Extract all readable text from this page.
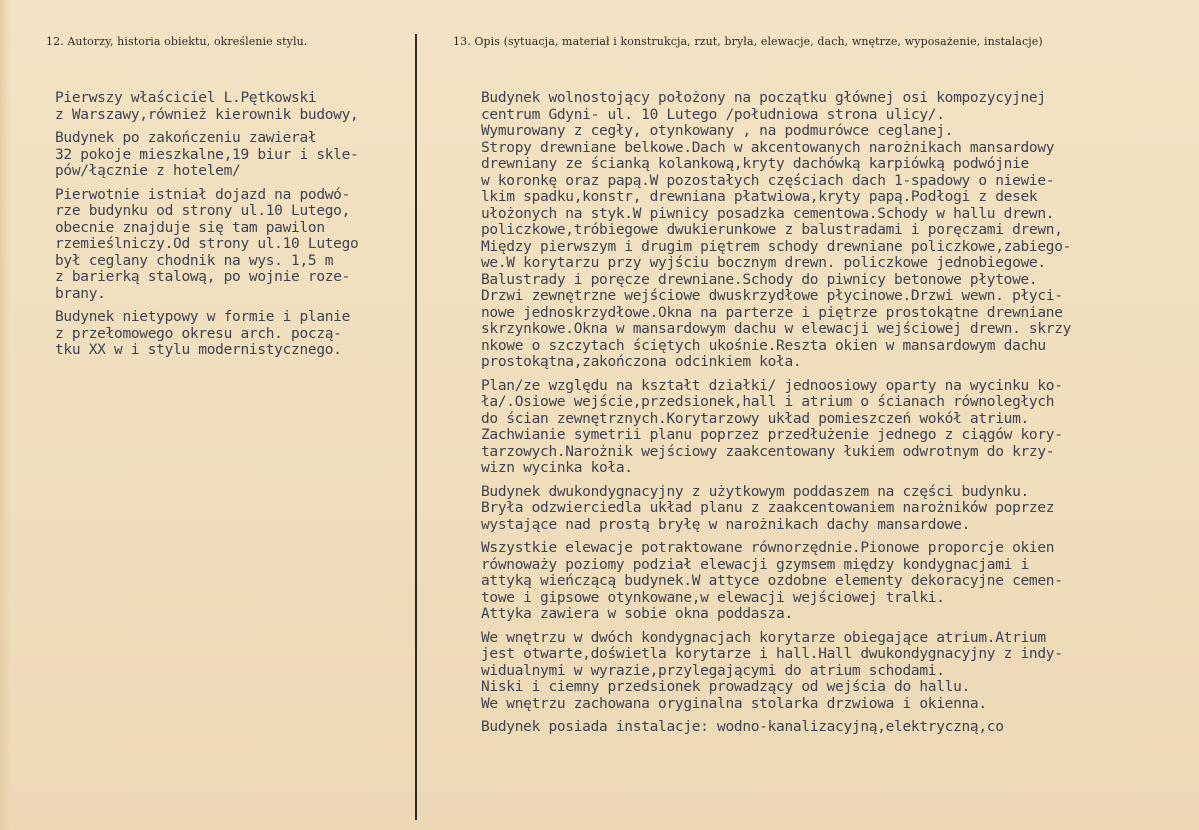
12. Autorzy, historia obiektu, określenie stylu.	13. Opis (sytuacja, materiał i konstrukcja, rzut, bryła, elewacje, dach, wnętrze, wyposażenie, instalacje)
Pierwszy właściciel L.Pętkowski
z Warszawy,również kierownik budowy,
Budynek po zakończeniu zawierał
32 pokoje mieszkalne,19 biur i skle-
pów/łącznie z hotelem/
Pierwotnie istniał dojazd na podwó-
rze budynku od strony ul.10 Lutego,
obecnie znajduje się tam pawilon
rzemieślniczy.Od strony ul.10 Lutego
był ceglany chodnik na wys. 1,5 m
z barierką stalową, po wojnie roze-
brany.
Budynek nietypowy w formie i planie
z przełomowego okresu arch. począ-
tku XX w i stylu modernistycznego.
Budynek wolnostojący położony na początku głównej osi kompozycyjnej
centrum Gdyni- ul. 10 Lutego /południowa strona ulicy/.
Wymurowany z cegły, otynkowany , na podmurówce ceglanej.
Stropy drewniane belkowe.Dach w akcentowanych narożnikach mansardowy
drewniany ze ścianką kolankową,kryty dachówką karpiówką podwójnie
w koronkę oraz papą.W pozostałych częściach dach 1-spadowy o niewie-
lkim spadku,konstr, drewniana płatwiowa,kryty papą.Podłogi z desek
ułożonych na styk.W piwnicy posadzka cementowa.Schody w hallu drewn.
policzkowe,tróbiegowe dwukierunkowe z balustradami i poręczami drewn,
Między pierwszym i drugim piętrem schody drewniane policzkowe,zabiego-
we.W korytarzu przy wyjściu bocznym drewn. policzkowe jednobiegowe.
Balustrady i poręcze drewniane.Schody do piwnicy betonowe płytowe.
Drzwi zewnętrzne wejściowe dwuskrzydłowe płycinowe.Drzwi wewn. płyci-
nowe jednoskrzydłowe.Okna na parterze i piętrze prostokątne drewniane
skrzynkowe.Okna w mansardowym dachu w elewacji wejściowej drewn. skrzy
nkowe o szczytach ściętych ukośnie.Reszta okien w mansardowym dachu
prostokątna,zakończona odcinkiem koła.
Plan/ze względu na kształt działki/ jednoosiowy oparty na wycinku ko-
ła/.Osiowe wejście,przedsionek,hall i atrium o ścianach równoległych
do ścian zewnętrznych.Korytarzowy układ pomieszczeń wokół atrium.
Zachwianie symetrii planu poprzez przedłużenie jednego z ciągów kory-
tarzowych.Narożnik wejściowy zaakcentowany łukiem odwrotnym do krzy-
wizn wycinka koła.
Budynek dwukondygnacyjny z użytkowym poddaszem na części budynku.
Bryła odzwierciedla układ planu z zaakcentowaniem narożników poprzez
wystające nad prostą bryłę w narożnikach dachy mansardowe.
Wszystkie elewacje potraktowane równorzędnie.Pionowe proporcje okien
równoważy poziomy podział elewacji gzymsem między kondygnacjami i
attyką wieńczącą budynek.W attyce ozdobne elementy dekoracyjne cemen-
towe i gipsowe otynkowane,w elewacji wejściowej tralki.
Attyka zawiera w sobie okna poddasza.
We wnętrzu w dwóch kondygnacjach korytarze obiegające atrium.Atrium
jest otwarte,doświetla korytarze i hall.Hall dwukondygnacyjny z indy-
widualnymi w wyrazie,przylegającymi do atrium schodami.
Niski i ciemny przedsionek prowadzący od wejścia do hallu.
We wnętrzu zachowana oryginalna stolarka drzwiowa i okienna.
Budynek posiada instalacje: wodno-kanalizacyjną,elektryczną,co
